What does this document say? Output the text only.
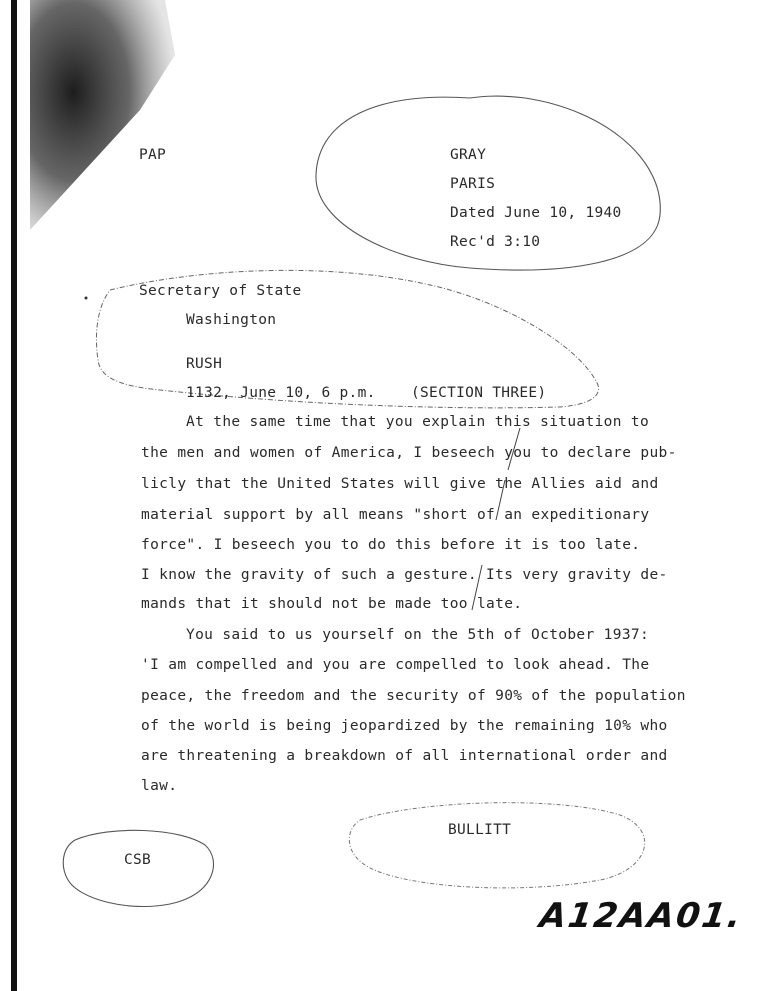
PAP	GRAY
PARIS
Dated June 10, 1940
Rec'd 3:10
Secretary of State
Washington
RUSH
1132, June 10, 6 p.m. (SECTION THREE)
At the same time that you explain this situation to
the men and women of America, I beseech you to declare pub-
licly that the United States will give the Allies aid and
material support by all means "short of an expeditionary
force". I beseech you to do this before it is too late.
I know the gravity of such a gesture. Its very gravity de-
mands that it should not be made too late.
You said to us yourself on the 5th of October 1937:
'I am compelled and you are compelled to look ahead. The
peace, the freedom and the security of 90% of the population
of the world is being jeopardized by the remaining 10% who
are threatening a breakdown of all international order and
law.
BULLITT
CSB
A12AA01.
